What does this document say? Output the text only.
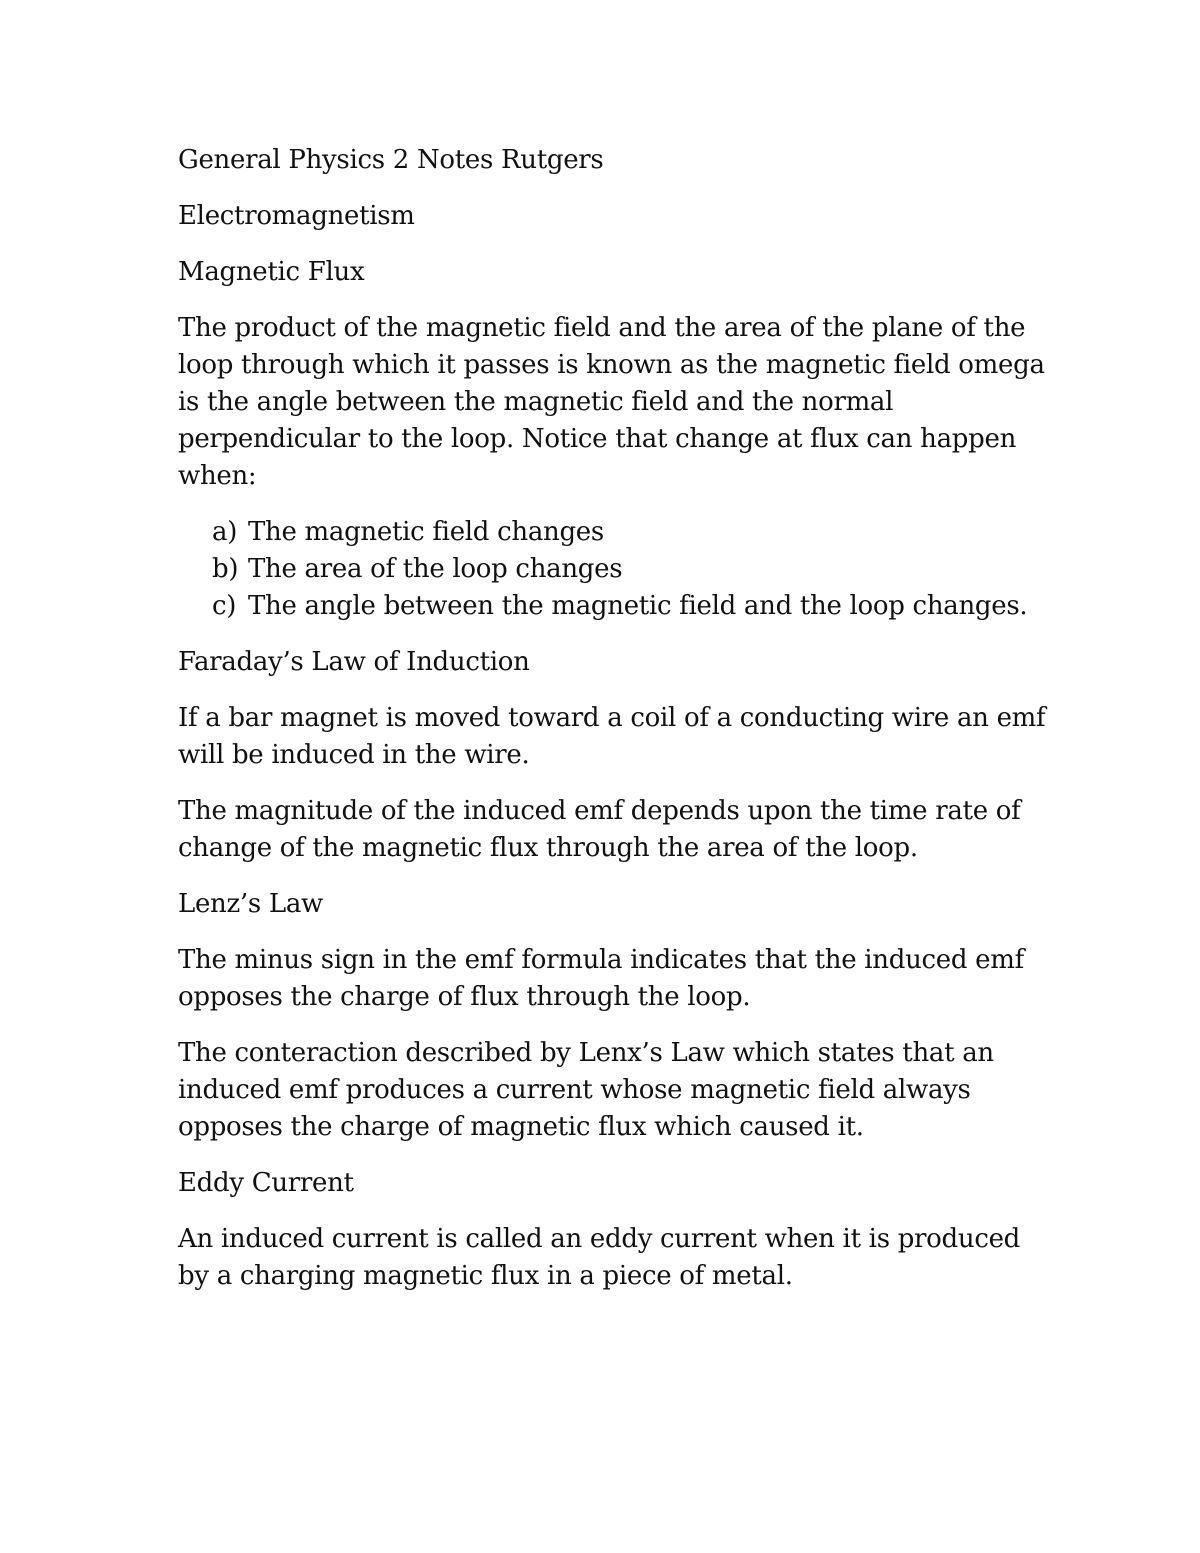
General Physics 2 Notes Rutgers

Electromagnetism

Magnetic Flux

The product of the magnetic field and the area of the plane of the loop through which it passes is known as the magnetic field omega is the angle between the magnetic field and the normal perpendicular to the loop. Notice that change at flux can happen when:

a) The magnetic field changes
b) The area of the loop changes
c) The angle between the magnetic field and the loop changes.

Faraday’s Law of Induction

If a bar magnet is moved toward a coil of a conducting wire an emf will be induced in the wire.

The magnitude of the induced emf depends upon the time rate of change of the magnetic flux through the area of the loop.

Lenz’s Law

The minus sign in the emf formula indicates that the induced emf opposes the charge of flux through the loop.

The conteraction described by Lenx’s Law which states that an induced emf produces a current whose magnetic field always opposes the charge of magnetic flux which caused it.

Eddy Current

An induced current is called an eddy current when it is produced by a charging magnetic flux in a piece of metal.
